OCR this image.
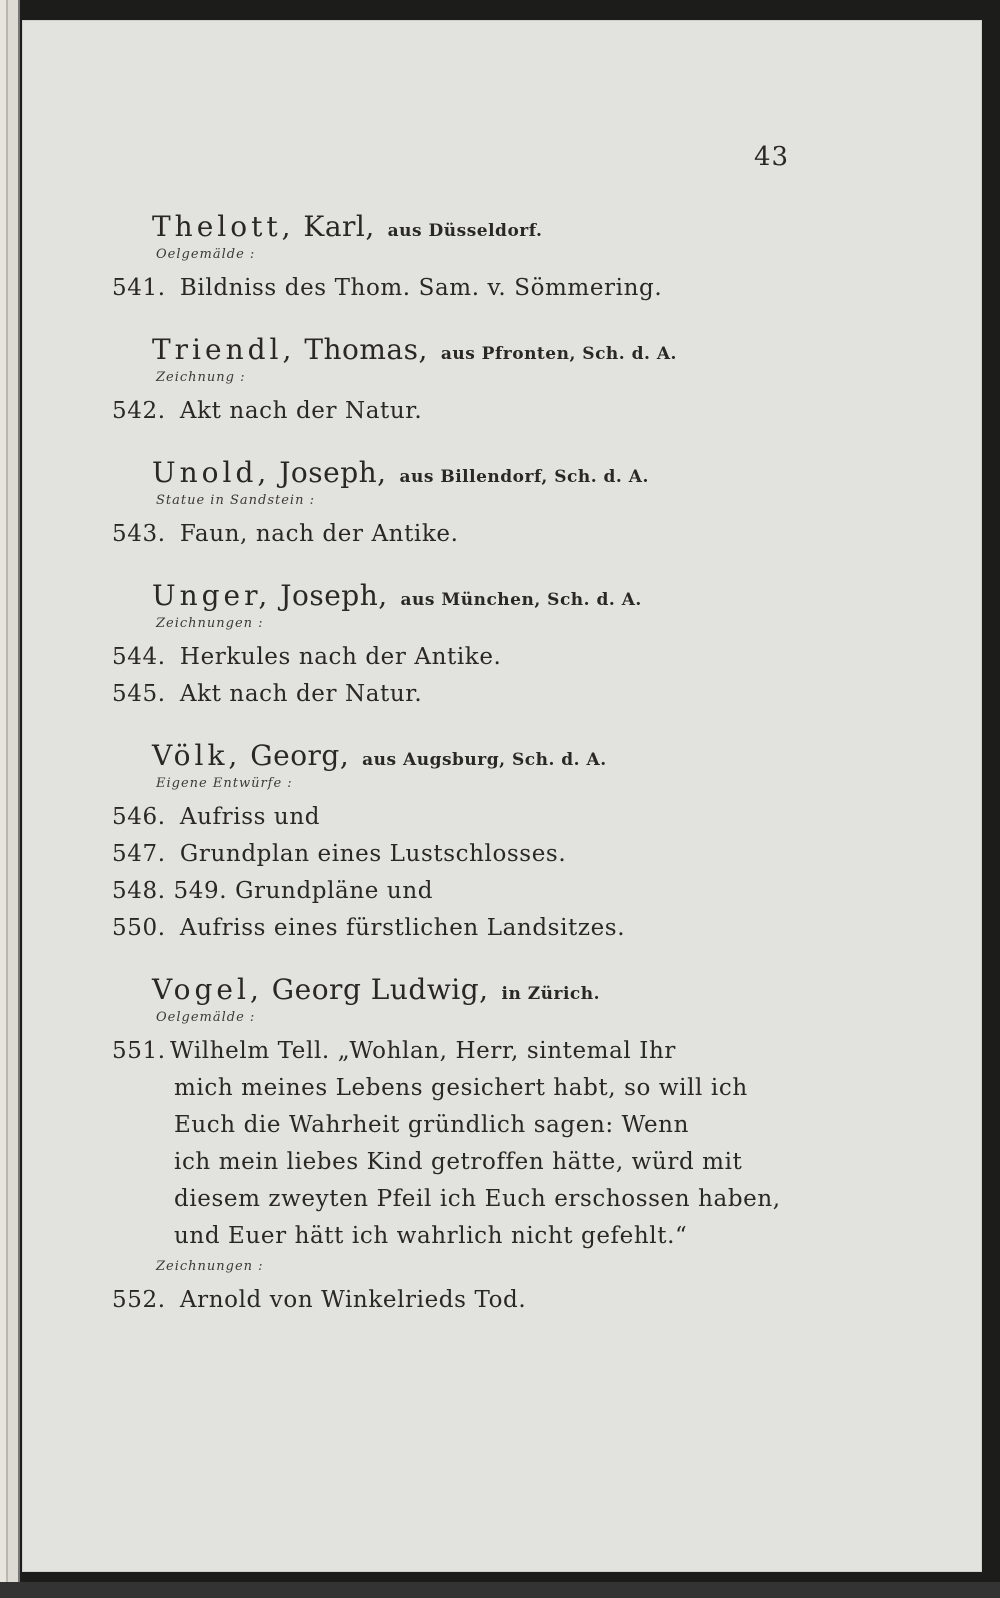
43
Thelott, Karl, aus Düsseldorf.
Oelgemälde :
541. Bildniss des Thom. Sam. v. Sömmering.
Triendl, Thomas, aus Pfronten, Sch. d. A.
Zeichnung :
542. Akt nach der Natur.
Unold, Joseph, aus Billendorf, Sch. d. A.
Statue in Sandstein :
543. Faun, nach der Antike.
Unger, Joseph, aus München, Sch. d. A.
Zeichnungen :
544. Herkules nach der Antike.
545. Akt nach der Natur.
Völk, Georg, aus Augsburg, Sch. d. A.
Eigene Entwürfe :
546. Aufriss und
547. Grundplan eines Lustschlosses.
548. 549. Grundpläne und
550. Aufriss eines fürstlichen Landsitzes.
Vogel, Georg Ludwig, in Zürich.
Oelgemälde :
551. Wilhelm Tell. „Wohlan, Herr, sintemal Ihr
mich meines Lebens gesichert habt, so will ich
Euch die Wahrheit gründlich sagen: Wenn
ich mein liebes Kind getroffen hätte, würd mit
diesem zweyten Pfeil ich Euch erschossen haben,
und Euer hätt ich wahrlich nicht gefehlt.“
Zeichnungen :
552. Arnold von Winkelrieds Tod.
